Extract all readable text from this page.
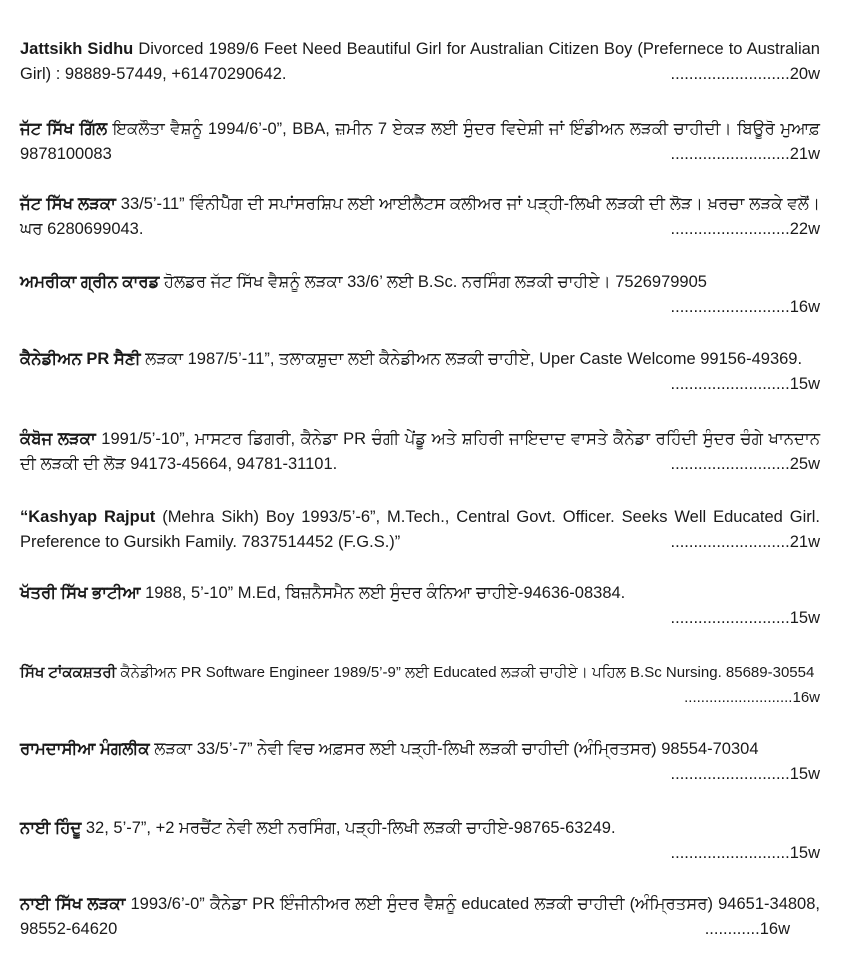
Jattsikh Sidhu Divorced 1989/6 Feet Need Beautiful Girl for Australian Citizen Boy (Prefernece to Australian Girl) : 98889-57449, +61470290642.	..........................20w
ਜੱਟ ਸਿੱਖ ਗਿੱਲ ਇਕਲੌਤਾ ਵੈਸ਼ਨੂੰ 1994/6’-0”, BBA, ਜ਼ਮੀਨ 7 ਏਕੜ ਲਈ ਸੁੰਦਰ ਵਿਦੇਸ਼ੀ ਜਾਂ ਇੰਡੀਅਨ ਲੜਕੀ ਚਾਹੀਦੀ। ਬਿਊਰੋ ਮੁਆਫ਼ 9878100083	..........................21w
ਜੱਟ ਸਿੱਖ ਲੜਕਾ 33/5’-11” ਵਿੰਨੀਪੈੱਗ ਦੀ ਸਪਾਂਸਰਸ਼ਿਪ ਲਈ ਆਈਲੈਟਸ ਕਲੀਅਰ ਜਾਂ ਪੜ੍ਹੀ-ਲਿਖੀ ਲੜਕੀ ਦੀ ਲੋੜ। ਖ਼ਰਚਾ ਲੜਕੇ ਵਲੋਂ। ਘਰ 6280699043.	..........................22w
ਅਮਰੀਕਾ ਗ੍ਰੀਨ ਕਾਰਡ ਹੋਲਡਰ ਜੱਟ ਸਿੱਖ ਵੈਸ਼ਨੂੰ ਲੜਕਾ 33/6’ ਲਈ B.Sc. ਨਰਸਿੰਗ ਲੜਕੀ ਚਾਹੀਏ। 7526979905
..........................16w
ਕੈਨੇਡੀਅਨ PR ਸੈਣੀ ਲੜਕਾ 1987/5’-11”, ਤਲਾਕਸ਼ੁਦਾ ਲਈ ਕੈਨੇਡੀਅਨ ਲੜਕੀ ਚਾਹੀਏ, Uper Caste Welcome 99156-49369.
..........................15w
ਕੰਬੋਜ ਲੜਕਾ 1991/5’-10”, ਮਾਸਟਰ ਡਿਗਰੀ, ਕੈਨੇਡਾ PR ਚੰਗੀ ਪੇਂਡੂ ਅਤੇ ਸ਼ਹਿਰੀ ਜਾਇਦਾਦ ਵਾਸਤੇ ਕੈਨੇਡਾ ਰਹਿੰਦੀ ਸੁੰਦਰ ਚੰਗੇ ਖਾਨਦਾਨ ਦੀ ਲੜਕੀ ਦੀ ਲੋੜ 94173-45664, 94781-31101.	..........................25w
“Kashyap Rajput (Mehra Sikh) Boy 1993/5’-6”, M.Tech., Central Govt. Officer. Seeks Well Educated Girl. Preference to Gursikh Family. 7837514452 (F.G.S.)”	..........................21w
ਖੱਤਰੀ ਸਿੱਖ ਭਾਟੀਆ 1988, 5’-10” M.Ed, ਬਿਜ਼ਨੈਸਮੈਨ ਲਈ ਸੁੰਦਰ ਕੰਨਿਆ ਚਾਹੀਏ-94636-08384.
..........................15w
ਸਿੱਖ ਟਾਂਕਕਸ਼ਤਰੀ ਕੈਨੇਡੀਅਨ PR Software Engineer 1989/5’-9” ਲਈ Educated ਲੜਕੀ ਚਾਹੀਏ। ਪਹਿਲ B.Sc Nursing. 85689-30554
..........................16w
ਰਾਮਦਾਸੀਆ ਮੰਗਲੀਕ ਲੜਕਾ 33/5’-7” ਨੇਵੀ ਵਿਚ ਅਫ਼ਸਰ ਲਈ ਪੜ੍ਹੀ-ਲਿਖੀ ਲੜਕੀ ਚਾਹੀਦੀ (ਅੰਮ੍ਰਿਤਸਰ) 98554-70304
..........................15w
ਨਾਈ ਹਿੰਦੂ 32, 5’-7”, +2 ਮਰਚੈਂਟ ਨੇਵੀ ਲਈ ਨਰਸਿੰਗ, ਪੜ੍ਹੀ-ਲਿਖੀ ਲੜਕੀ ਚਾਹੀਏ-98765-63249.
..........................15w
ਨਾਈ ਸਿੱਖ ਲੜਕਾ 1993/6’-0” ਕੈਨੇਡਾ PR ਇੰਜੀਨੀਅਰ ਲਈ ਸੁੰਦਰ ਵੈਸ਼ਨੂੰ educated ਲੜਕੀ ਚਾਹੀਦੀ (ਅੰਮ੍ਰਿਤਸਰ) 94651-34808, 98552-64620	............16w
